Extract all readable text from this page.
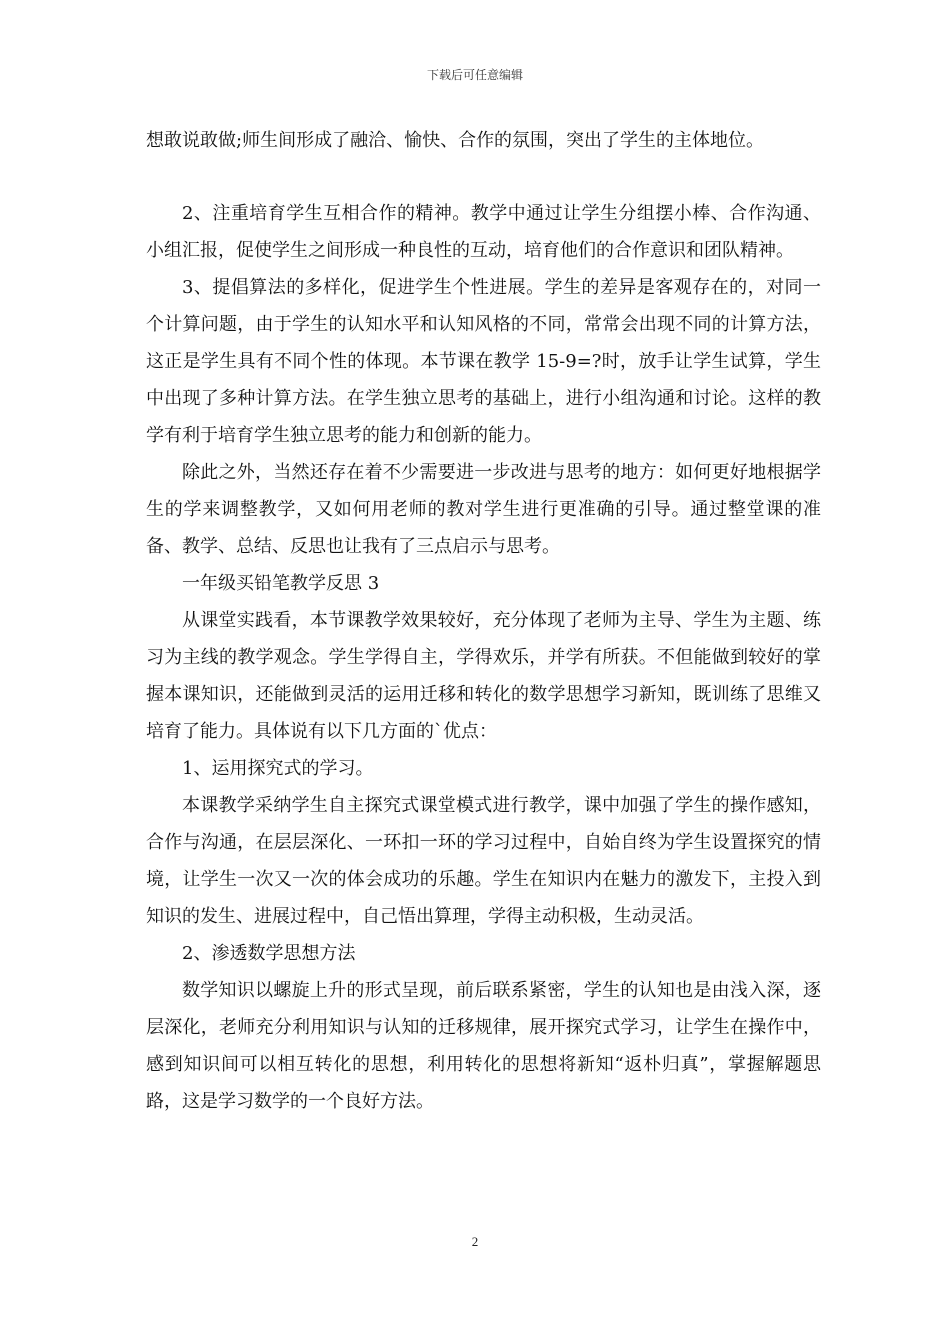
下载后可任意编辑

想敢说敢做;师生间形成了融洽、愉快、合作的氛围，突出了学生的主体地位。

2、注重培育学生互相合作的精神。教学中通过让学生分组摆小棒、合作沟通、小组汇报，促使学生之间形成一种良性的互动，培育他们的合作意识和团队精神。

3、提倡算法的多样化，促进学生个性进展。学生的差异是客观存在的，对同一个计算问题，由于学生的认知水平和认知风格的不同，常常会出现不同的计算方法，这正是学生具有不同个性的体现。本节课在教学 15-9=?时，放手让学生试算，学生中出现了多种计算方法。在学生独立思考的基础上，进行小组沟通和讨论。这样的教学有利于培育学生独立思考的能力和创新的能力。

除此之外，当然还存在着不少需要进一步改进与思考的地方：如何更好地根据学生的学来调整教学，又如何用老师的教对学生进行更准确的引导。通过整堂课的准备、教学、总结、反思也让我有了三点启示与思考。

一年级买铅笔教学反思 3

从课堂实践看，本节课教学效果较好，充分体现了老师为主导、学生为主题、练习为主线的教学观念。学生学得自主，学得欢乐，并学有所获。不但能做到较好的掌握本课知识，还能做到灵活的运用迁移和转化的数学思想学习新知，既训练了思维又培育了能力。具体说有以下几方面的`优点：

1、运用探究式的学习。

本课教学采纳学生自主探究式课堂模式进行教学，课中加强了学生的操作感知，合作与沟通，在层层深化、一环扣一环的学习过程中，自始自终为学生设置探究的情境，让学生一次又一次的体会成功的乐趣。学生在知识内在魅力的激发下，主投入到知识的发生、进展过程中，自己悟出算理，学得主动积极，生动灵活。

2、渗透数学思想方法

数学知识以螺旋上升的形式呈现，前后联系紧密，学生的认知也是由浅入深，逐层深化，老师充分利用知识与认知的迁移规律，展开探究式学习，让学生在操作中，感到知识间可以相互转化的思想，利用转化的思想将新知“返朴归真”，掌握解题思路，这是学习数学的一个良好方法。

2
